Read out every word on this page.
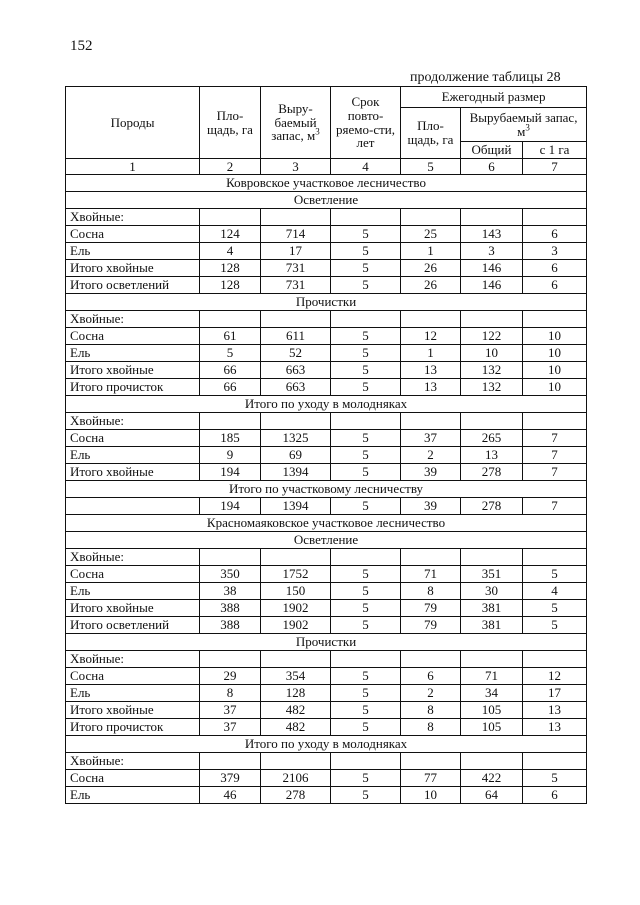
152
продолжение таблицы 28
Породы	Пло-щадь, га	Выру-баемый запас, $м^3$	Срок повто-ряемо-сти, лет	Ежегодный размер		
				Пло-щадь, га	Вырубаемый запас, $м^3$
					Общий	с 1 га
1	2	3	4	5	6	7
Ковровское участковое лесничество						
Осветление						
Хвойные:						
Сосна	124	714	5	25	143	6
Ель	4	17	5	1	3	3
Итого хвойные	128	731	5	26	146	6
Итого осветлений	128	731	5	26	146	6
Прочистки						
Хвойные:						
Сосна	61	611	5	12	122	10
Ель	5	52	5	1	10	10
Итого хвойные	66	663	5	13	132	10
Итого прочисток	66	663	5	13	132	10
Итого по уходу в молодняках						
Хвойные:						
Сосна	185	1325	5	37	265	7
Ель	9	69	5	2	13	7
Итого хвойные	194	1394	5	39	278	7
Итого по участковому лесничеству						
	194	1394	5	39	278	7
Красномаяковское участковое лесничество						
Осветление						
Хвойные:						
Сосна	350	1752	5	71	351	5
Ель	38	150	5	8	30	4
Итого хвойные	388	1902	5	79	381	5
Итого осветлений	388	1902	5	79	381	5
Прочистки						
Хвойные:						
Сосна	29	354	5	6	71	12
Ель	8	128	5	2	34	17
Итого хвойные	37	482	5	8	105	13
Итого прочисток	37	482	5	8	105	13
Итого по уходу в молодняках						
Хвойные:						
Сосна	379	2106	5	77	422	5
Ель	46	278	5	10	64	6
